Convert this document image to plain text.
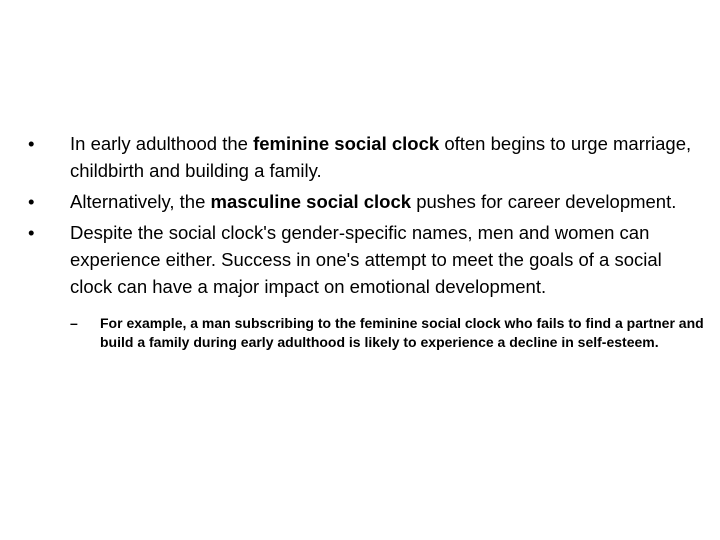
•	In early adulthood the feminine social clock often begins to urge marriage, childbirth and building a family.
•	Alternatively, the masculine social clock pushes for career development.
•	Despite the social clock's gender-specific names, men and women can experience either. Success in one's attempt to meet the goals of a social clock can have a major impact on emotional development.
– For example, a man subscribing to the feminine social clock who fails to find a partner and build a family during early adulthood is likely to experience a decline in self-esteem.
